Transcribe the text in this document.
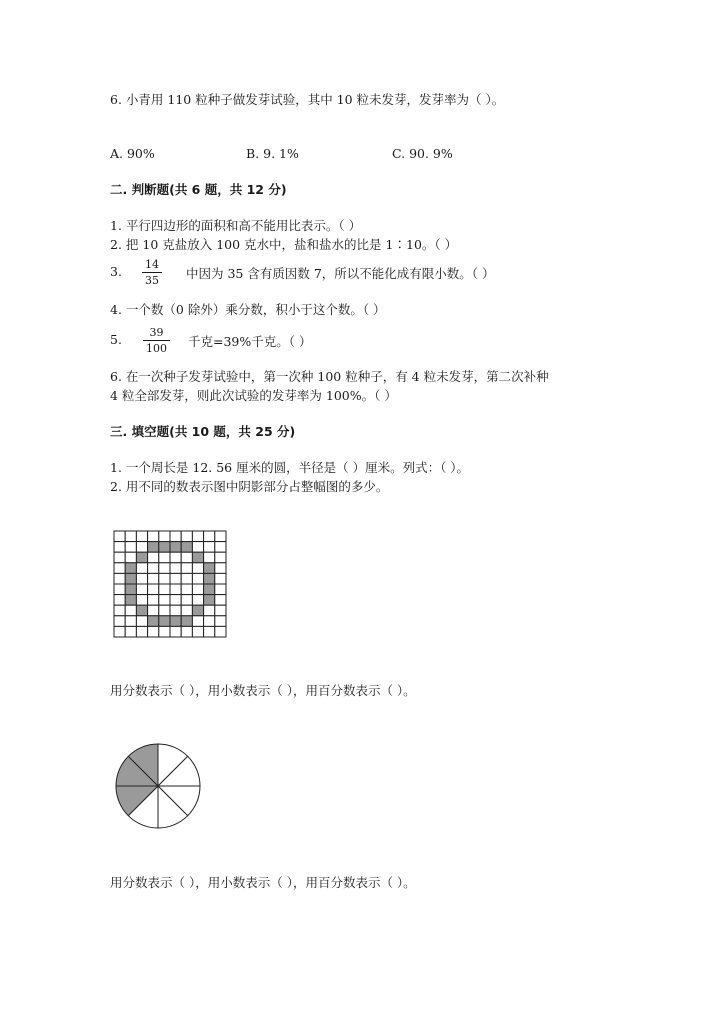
6. 小青用 110 粒种子做发芽试验，其中 10 粒未发芽，发芽率为（ ）。
A. 90%	B. 9. 1%	C. 90. 9%
二. 判断题(共 6 题，共 12 分)
1. 平行四边形的面积和高不能用比表示。（ ）
2. 把 10 克盐放入 100 克水中，盐和盐水的比是 1∶10。（ ）
3. 14
35 中因为 35 含有质因数 7，所以不能化成有限小数。（ ）
4. 一个数（0 除外）乘分数，积小于这个数。（ ）
5.	39
100 千克=39%千克。（ ）
6. 在一次种子发芽试验中，第一次种 100 粒种子，有 4 粒未发芽，第二次补种
4 粒全部发芽，则此次试验的发芽率为 100%。（ ）
三. 填空题(共 10 题，共 25 分)
1. 一个周长是 12. 56 厘米的圆，半径是（ ）厘米。列式：（ ）。
2. 用不同的数表示图中阴影部分占整幅图的多少。
用分数表示（ ），用小数表示（ ），用百分数表示（ ）。
用分数表示（ ），用小数表示（ ），用百分数表示（ ）。
